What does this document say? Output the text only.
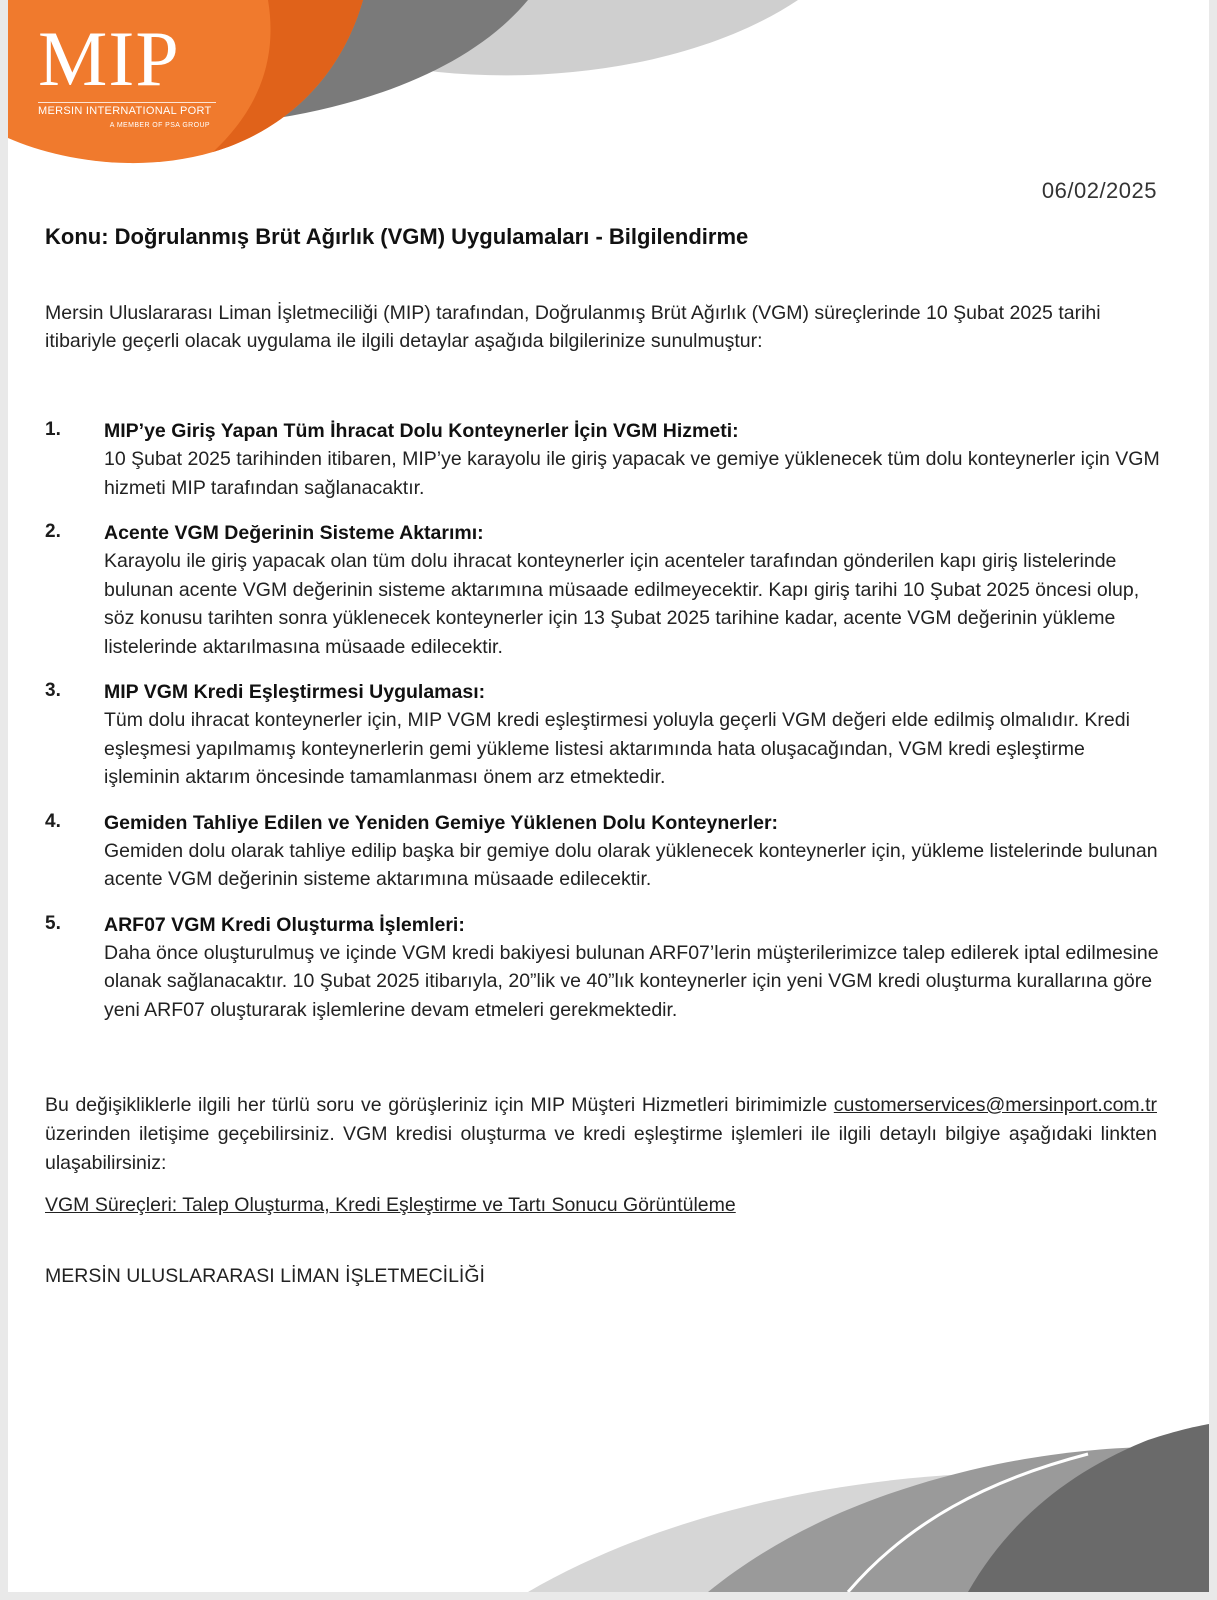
MIP
MERSIN INTERNATIONAL PORT
A MEMBER OF PSA GROUP
06/02/2025
Konu: Doğrulanmış Brüt Ağırlık (VGM) Uygulamaları - Bilgilendirme
Mersin Uluslararası Liman İşletmeciliği (MIP) tarafından, Doğrulanmış Brüt Ağırlık (VGM) süreçlerinde 10 Şubat 2025 tarihi itibariyle geçerli olacak uygulama ile ilgili detaylar aşağıda bilgilerinize sunulmuştur:
1. MIP’ye Giriş Yapan Tüm İhracat Dolu Konteynerler İçin VGM Hizmeti:
10 Şubat 2025 tarihinden itibaren, MIP’ye karayolu ile giriş yapacak ve gemiye yüklenecek tüm dolu konteynerler için VGM hizmeti MIP tarafından sağlanacaktır.
2. Acente VGM Değerinin Sisteme Aktarımı:
Karayolu ile giriş yapacak olan tüm dolu ihracat konteynerler için acenteler tarafından gönderilen kapı giriş listelerinde bulunan acente VGM değerinin sisteme aktarımına müsaade edilmeyecektir. Kapı giriş tarihi 10 Şubat 2025 öncesi olup, söz konusu tarihten sonra yüklenecek konteynerler için 13 Şubat 2025 tarihine kadar, acente VGM değerinin yükleme listelerinde aktarılmasına müsaade edilecektir.
3. MIP VGM Kredi Eşleştirmesi Uygulaması:
Tüm dolu ihracat konteynerler için, MIP VGM kredi eşleştirmesi yoluyla geçerli VGM değeri elde edilmiş olmalıdır. Kredi eşleşmesi yapılmamış konteynerlerin gemi yükleme listesi aktarımında hata oluşacağından, VGM kredi eşleştirme işleminin aktarım öncesinde tamamlanması önem arz etmektedir.
4. Gemiden Tahliye Edilen ve Yeniden Gemiye Yüklenen Dolu Konteynerler:
Gemiden dolu olarak tahliye edilip başka bir gemiye dolu olarak yüklenecek konteynerler için, yükleme listelerinde bulunan acente VGM değerinin sisteme aktarımına müsaade edilecektir.
5. ARF07 VGM Kredi Oluşturma İşlemleri:
Daha önce oluşturulmuş ve içinde VGM kredi bakiyesi bulunan ARF07’lerin müşterilerimizce talep edilerek iptal edilmesine olanak sağlanacaktır. 10 Şubat 2025 itibarıyla, 20”lik ve 40”lık konteynerler için yeni VGM kredi oluşturma kurallarına göre yeni ARF07 oluşturarak işlemlerine devam etmeleri gerekmektedir.
Bu değişikliklerle ilgili her türlü soru ve görüşleriniz için MIP Müşteri Hizmetleri birimimizle customerservices@mersinport.com.tr üzerinden iletişime geçebilirsiniz. VGM kredisi oluşturma ve kredi eşleştirme işlemleri ile ilgili detaylı bilgiye aşağıdaki linkten ulaşabilirsiniz:
VGM Süreçleri: Talep Oluşturma, Kredi Eşleştirme ve Tartı Sonucu Görüntüleme
MERSİN ULUSLARARASI LİMAN İŞLETMECİLİĞİ
